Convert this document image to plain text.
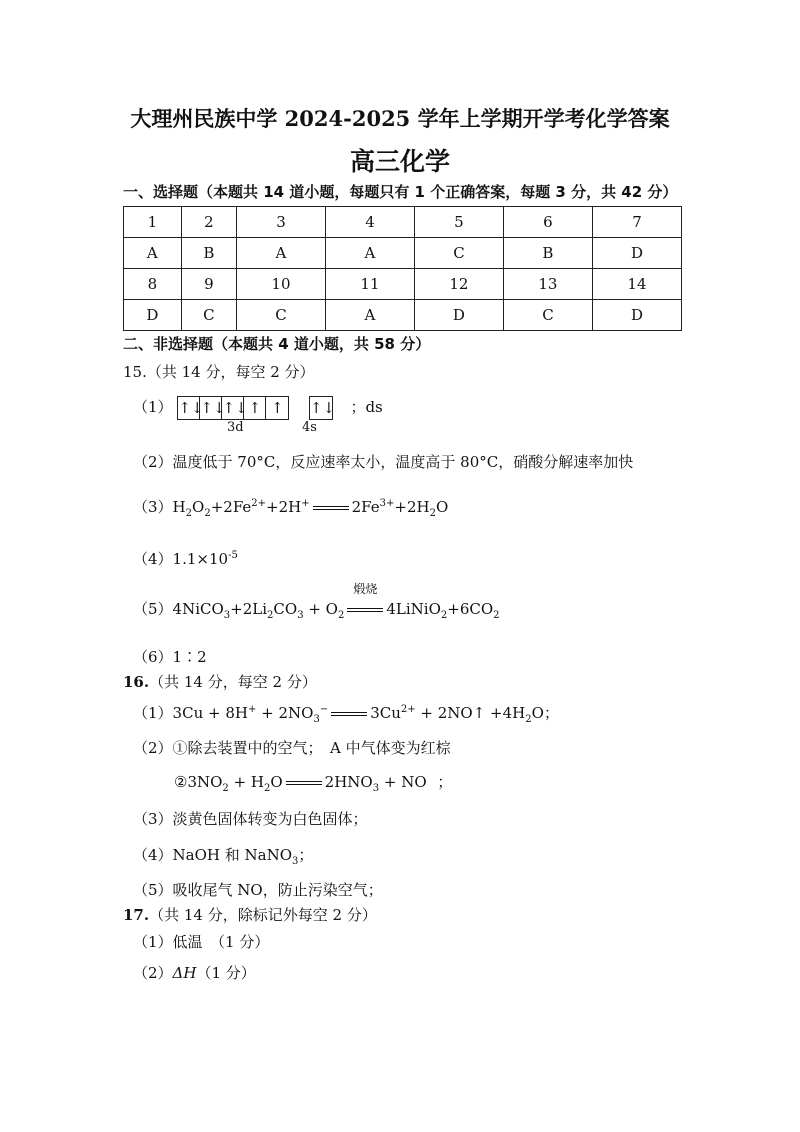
大理州民族中学 2024-2025 学年上学期开学考化学答案
高三化学
一、选择题（本题共 14 道小题，每题只有 1 个正确答案，每题 3 分，共 42 分）
1	2	3	4	5	6	7
A	B	A	A	C	B	D
8	9	10	11	12	13	14
D	C	C	A	D	C	D
二、非选择题（本题共 4 道小题，共 58 分）
15.（共 14 分，每空 2 分）
（1） ↑↓↑↓↑↓↑ ↑ ↑↓ ；ds
3d	4s
（2）温度低于 70°C，反应速率太小，温度高于 80°C，硝酸分解速率加快
$(3)H_2O_2+2Fe^{2+}+2H^+$	$2Fe^{3+}+2H_2O$
$(4)1.1\times 10^{-5}$
$(5)4NiCO_3+2Li_2CO_3 + O_2$
煅烧
$4LiNiO_2+6CO_2$
（6）1∶2
16.（共 14 分，每空 2 分）
$(1)3Cu + 8H^+ + 2NO_3^-$	$3Cu^{2+}$ + 2NO↑ $+4H_2O$；
（2）①除去装置中的空气；　A 中气体变为红棕
$②3NO_2 + H_2O$	$2HNO_3$ + NO ；
（3）淡黄色固体转变为白色固体；
（4）NaOH 和 NaNO$_3$；
（5）吸收尾气 NO，防止污染空气；
17.（共 14 分，除标记外每空 2 分）
（1）低温　（1 分）
（2）ΔH（1 分）
